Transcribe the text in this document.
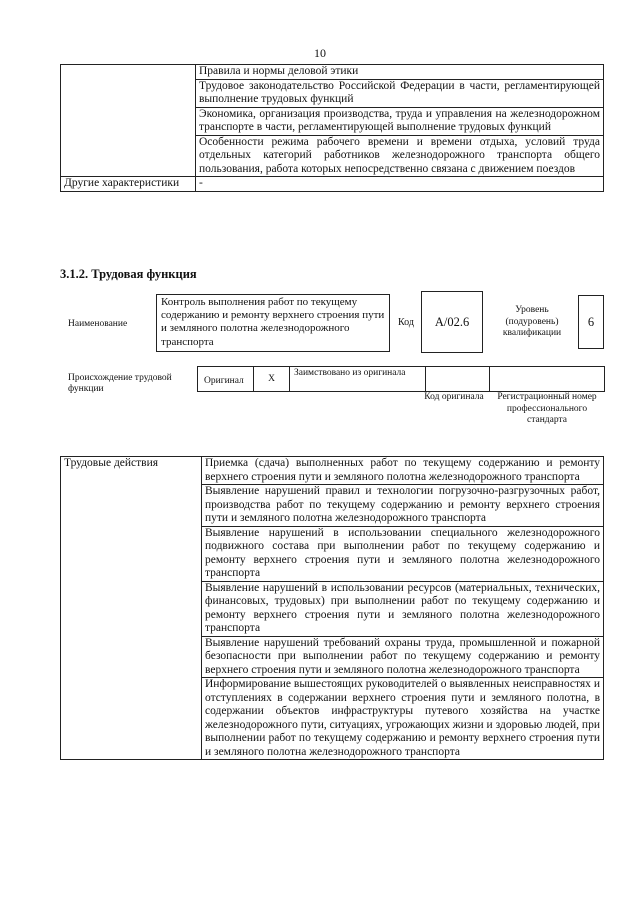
10
	Правила и нормы деловой этики
	Трудовое законодательство Российской Федерации в части, регламентирующей выполнение трудовых функций
	Экономика, организация производства, труда и управления на железнодорожном транспорте в части, регламентирующей выполнение трудовых функций
	Особенности режима рабочего времени и времени отдыха, условий труда отдельных категорий работников железнодорожного транспорта общего пользования, работа которых непосредственно связана с движением поездов
Другие характеристики	-
3.1.2. Трудовая функция
Наименование
Контроль выполнения работ по текущему содержанию и ремонту верхнего строения пути и земляного полотна железнодорожного транспорта
Код	A/02.6
Уровень (подуровень) квалификации
6
Происхождение трудовой функции
Оригинал	X
Заимствовано из оригинала
Код оригинала	Регистрационный номер профессионального стандарта
Трудовые действия	Приемка (сдача) выполненных работ по текущему содержанию и ремонту верхнего строения пути и земляного полотна железнодорожного транспорта
Выявление нарушений правил и технологии погрузочно-разгрузочных работ, производства работ по текущему содержанию и ремонту верхнего строения пути и земляного полотна железнодорожного транспорта
Выявление нарушений в использовании специального железнодорожного подвижного состава при выполнении работ по текущему содержанию и ремонту верхнего строения пути и земляного полотна железнодорожного транспорта
Выявление нарушений в использовании ресурсов (материальных, технических, финансовых, трудовых) при выполнении работ по текущему содержанию и ремонту верхнего строения пути и земляного полотна железнодорожного транспорта
Выявление нарушений требований охраны труда, промышленной и пожарной безопасности при выполнении работ по текущему содержанию и ремонту верхнего строения пути и земляного полотна железнодорожного транспорта
Информирование вышестоящих руководителей о выявленных неисправностях и отступлениях в содержании верхнего строения пути и земляного полотна, в содержании объектов инфраструктуры путевого хозяйства на участке железнодорожного пути, ситуациях, угрожающих жизни и здоровью людей, при выполнении работ по текущему содержанию и ремонту верхнего строения пути и земляного полотна железнодорожного транспорта
